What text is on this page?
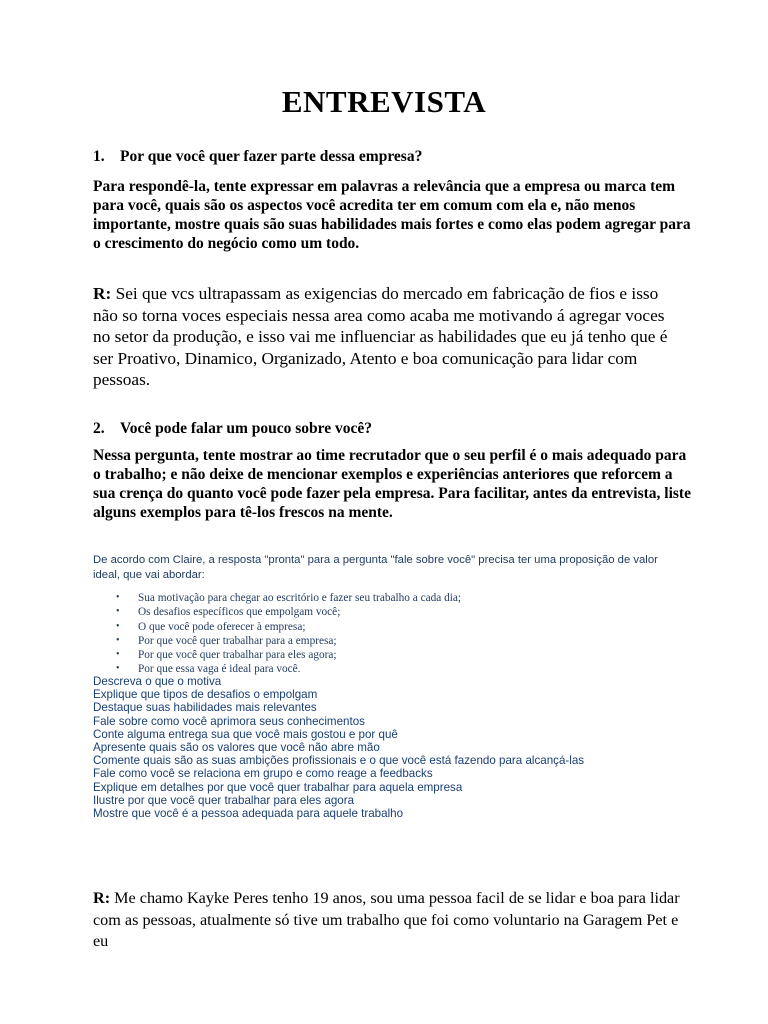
ENTREVISTA
1. Por que você quer fazer parte dessa empresa?
Para respondê-la, tente expressar em palavras a relevância que a empresa ou marca tem para você, quais são os aspectos você acredita ter em comum com ela e, não menos importante, mostre quais são suas habilidades mais fortes e como elas podem agregar para o crescimento do negócio como um todo.
R: Sei que vcs ultrapassam as exigencias do mercado em fabricação de fios e isso não so torna voces especiais nessa area como acaba me motivando á agregar voces no setor da produção, e isso vai me influenciar as habilidades que eu já tenho que é ser Proativo, Dinamico, Organizado, Atento e boa comunicação para lidar com pessoas.
2. Você pode falar um pouco sobre você?
Nessa pergunta, tente mostrar ao time recrutador que o seu perfil é o mais adequado para o trabalho; e não deixe de mencionar exemplos e experiências anteriores que reforcem a sua crença do quanto você pode fazer pela empresa. Para facilitar, antes da entrevista, liste alguns exemplos para tê-los frescos na mente.
De acordo com Claire, a resposta "pronta" para a pergunta "fale sobre você" precisa ter uma proposição de valor ideal, que vai abordar:
• Sua motivação para chegar ao escritório e fazer seu trabalho a cada dia;
• Os desafios específicos que empolgam você;
• O que você pode oferecer à empresa;
• Por que você quer trabalhar para a empresa;
• Por que você quer trabalhar para eles agora;
• Por que essa vaga é ideal para você.
Descreva o que o motiva
Explique que tipos de desafios o empolgam
Destaque suas habilidades mais relevantes
Fale sobre como você aprimora seus conhecimentos
Conte alguma entrega sua que você mais gostou e por quê
Apresente quais são os valores que você não abre mão
Comente quais são as suas ambições profissionais e o que você está fazendo para alcançá-las
Fale como você se relaciona em grupo e como reage a feedbacks
Explique em detalhes por que você quer trabalhar para aquela empresa
Ilustre por que você quer trabalhar para eles agora
Mostre que você é a pessoa adequada para aquele trabalho
R: Me chamo Kayke Peres tenho 19 anos, sou uma pessoa facil de se lidar e boa para lidar com as pessoas, atualmente só tive um trabalho que foi como voluntario na Garagem Pet e eu
